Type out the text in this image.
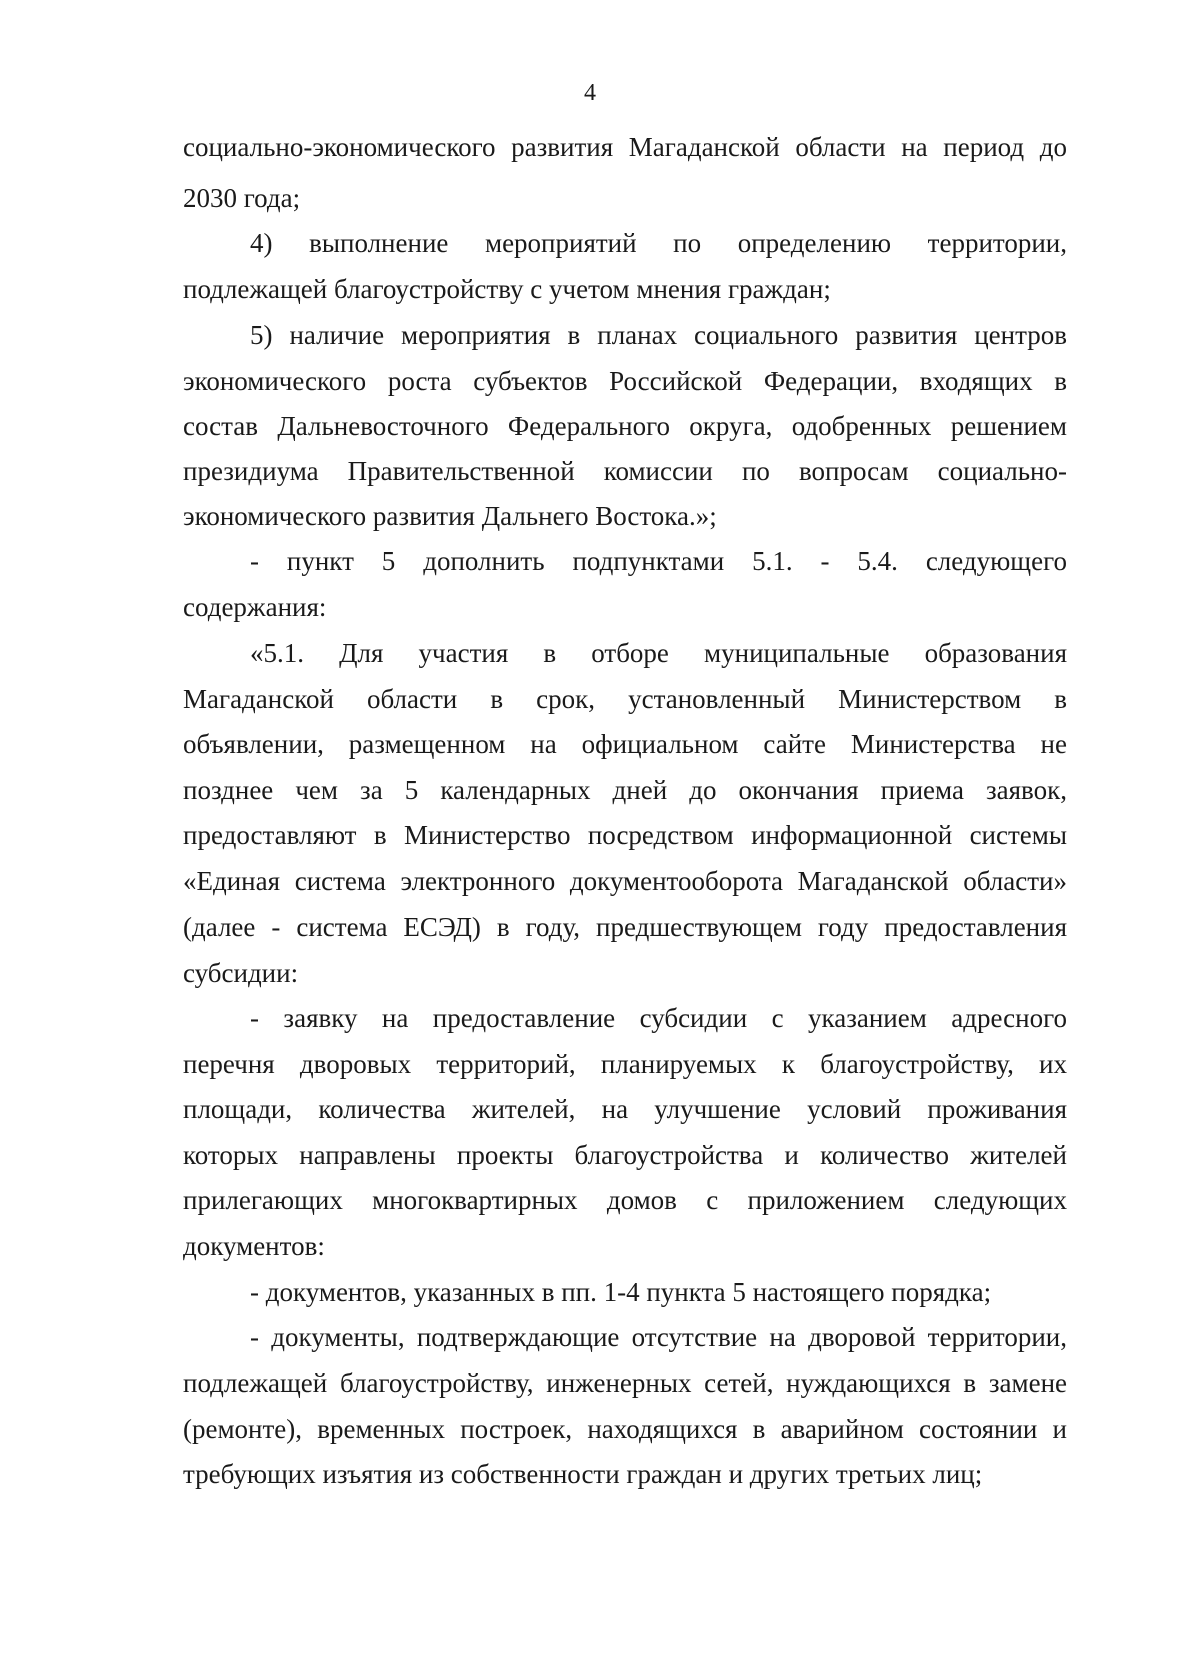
4
социально-экономического развития Магаданской области на период до
2030 года;
4) выполнение мероприятий по определению территории,
подлежащей благоустройству с учетом мнения граждан;
5) наличие мероприятия в планах социального развития центров
экономического роста субъектов Российской Федерации, входящих в
состав Дальневосточного Федерального округа, одобренных решением
президиума Правительственной комиссии по вопросам социально-
экономического развития Дальнего Востока.»;
- пункт 5 дополнить подпунктами 5.1. - 5.4. следующего
содержания:
«5.1. Для участия в отборе муниципальные образования
Магаданской области в срок, установленный Министерством в
объявлении, размещенном на официальном сайте Министерства не
позднее чем за 5 календарных дней до окончания приема заявок,
предоставляют в Министерство посредством информационной системы
«Единая система электронного документооборота Магаданской области»
(далее - система ЕСЭД) в году, предшествующем году предоставления
субсидии:
- заявку на предоставление субсидии с указанием адресного
перечня дворовых территорий, планируемых к благоустройству, их
площади, количества жителей, на улучшение условий проживания
которых направлены проекты благоустройства и количество жителей
прилегающих многоквартирных домов с приложением следующих
документов:
- документов, указанных в пп. 1-4 пункта 5 настоящего порядка;
- документы, подтверждающие отсутствие на дворовой территории,
подлежащей благоустройству, инженерных сетей, нуждающихся в замене
(ремонте), временных построек, находящихся в аварийном состоянии и
требующих изъятия из собственности граждан и других третьих лиц;
